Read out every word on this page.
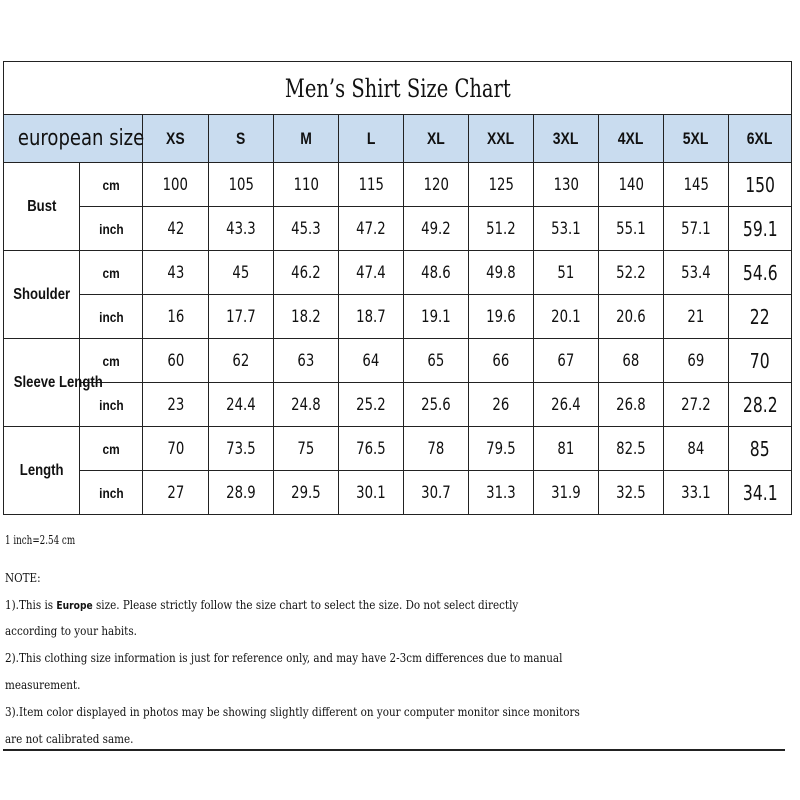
Men’s Shirt Size Chart											
european size		XS	S	M	L	XL	XXL	3XL	4XL	5XL	6XL
Bust	cm	100	105	110	115	120	125	130	140	145	150
	inch	42	43.3	45.3	47.2	49.2	51.2	53.1	55.1	57.1	59.1
Shoulder	cm	43	45	46.2	47.4	48.6	49.8	51	52.2	53.4	54.6
	inch	16	17.7	18.2	18.7	19.1	19.6	20.1	20.6	21	22
Sleeve Length	cm	60	62	63	64	65	66	67	68	69	70
	inch	23	24.4	24.8	25.2	25.6	26	26.4	26.8	27.2	28.2
Length	cm	70	73.5	75	76.5	78	79.5	81	82.5	84	85
	inch	27	28.9	29.5	30.1	30.7	31.3	31.9	32.5	33.1	34.1
1 inch=2.54 cm
NOTE:
1).This is Europe size. Please strictly follow the size chart to select the size. Do not select directly
according to your habits.
2).This clothing size information is just for reference only, and may have 2-3cm differences due to manual
measurement.
3).Item color displayed in photos may be showing slightly different on your computer monitor since monitors
are not calibrated same.
